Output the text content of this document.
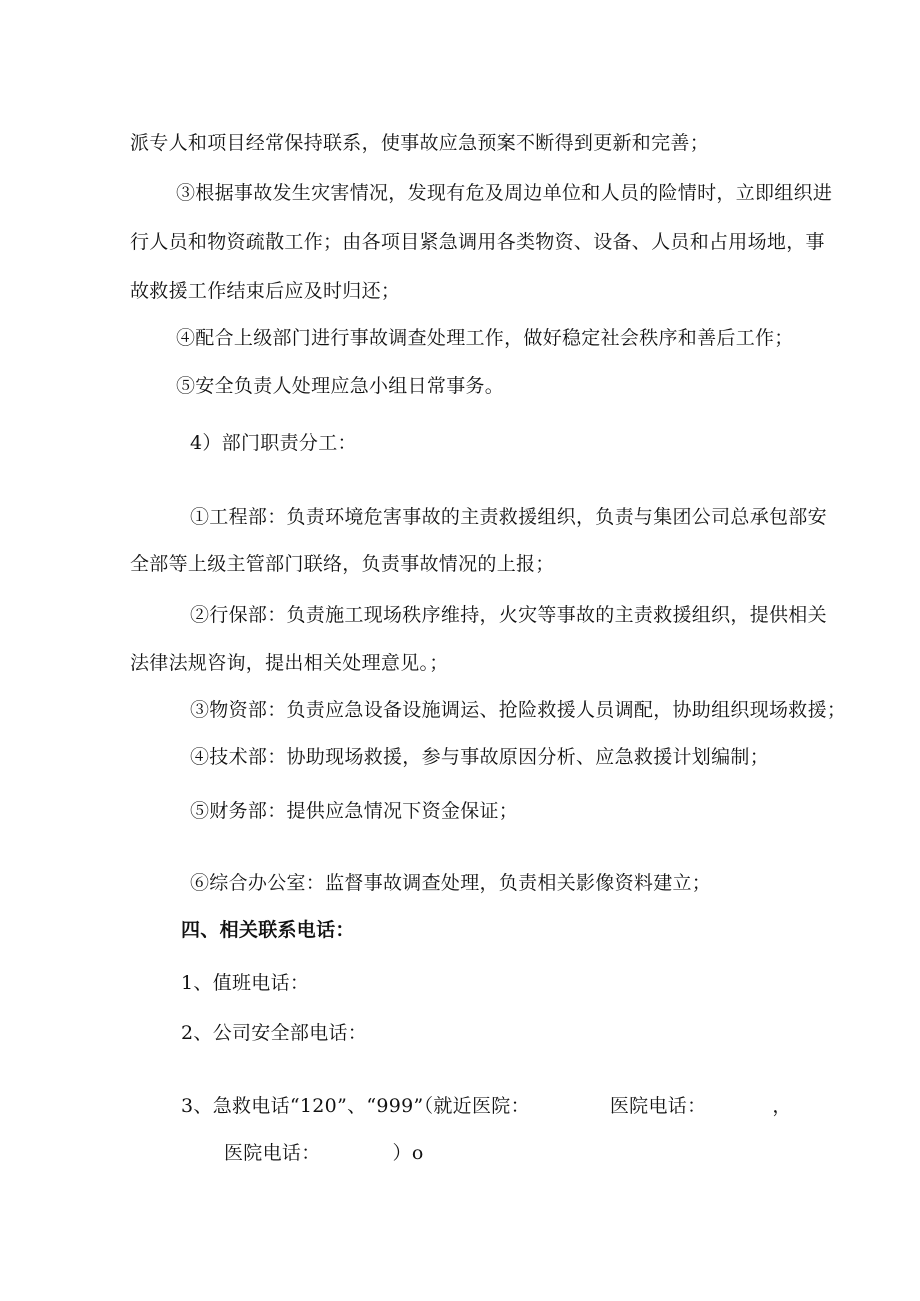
派专人和项目经常保持联系，使事故应急预案不断得到更新和完善；
③根据事故发生灾害情况，发现有危及周边单位和人员的险情时，立即组织进
行人员和物资疏散工作；由各项目紧急调用各类物资、设备、人员和占用场地，事
故救援工作结束后应及时归还；
④配合上级部门进行事故调查处理工作，做好稳定社会秩序和善后工作；
⑤安全负责人处理应急小组日常事务。
4）部门职责分工：
①工程部：负责环境危害事故的主责救援组织，负责与集团公司总承包部安
全部等上级主管部门联络，负责事故情况的上报；
②行保部：负责施工现场秩序维持，火灾等事故的主责救援组织，提供相关
法律法规咨询，提出相关处理意见。；
③物资部：负责应急设备设施调运、抢险救援人员调配，协助组织现场救援；
④技术部：协助现场救援，参与事故原因分析、应急救援计划编制；
⑤财务部：提供应急情况下资金保证；
⑥综合办公室：监督事故调查处理，负责相关影像资料建立；
四、相关联系电话：
1、值班电话：
2、公司安全部电话：
3、急救电话“120”、“999”（就近医院：	医院电话：	，
医院电话：	）o
